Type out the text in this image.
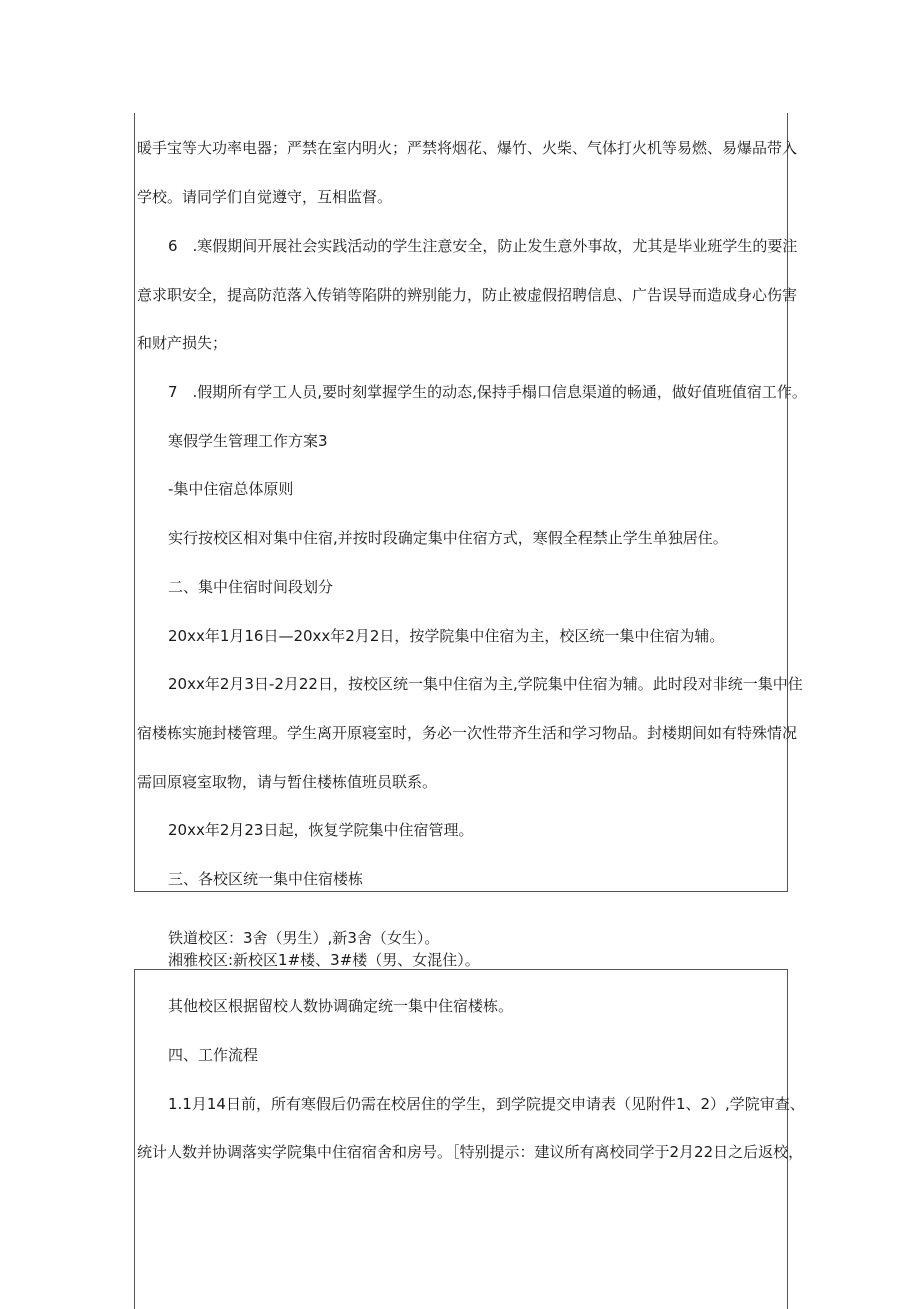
暖手宝等大功率电器；严禁在室内明火；严禁将烟花、爆竹、火柴、气体打火机等易燃、易爆品带入
学校。请同学们自觉遵守，互相监督。
6　.寒假期间开展社会实践活动的学生注意安全，防止发生意外事故，尤其是毕业班学生的要注
意求职安全，提高防范落入传销等陷阱的辨别能力，防止被虚假招聘信息、广告误导而造成身心伤害
和财产损失；
7　.假期所有学工人员,要时刻掌握学生的动态,保持手榻口信息渠道的畅通，做好值班值宿工作。
寒假学生管理工作方案3
-集中住宿总体原则
实行按校区相对集中住宿,并按时段确定集中住宿方式，寒假全程禁止学生单独居住。
二、集中住宿时间段划分
20xx年1月16日—20xx年2月2日，按学院集中住宿为主，校区统一集中住宿为辅。
20xx年2月3日-2月22日，按校区统一集中住宿为主,学院集中住宿为辅。此时段对非统一集中住
宿楼栋实施封楼管理。学生离开原寝室时，务必一次性带齐生活和学习物品。封楼期间如有特殊情况
需回原寝室取物，请与暂住楼栋值班员联系。
20xx年2月23日起，恢复学院集中住宿管理。
三、各校区统一集中住宿楼栋
铁道校区：3舍（男生）,新3舍（女生）。
湘雅校区:新校区1#楼、3#楼（男、女混住）。
其他校区根据留校人数协调确定统一集中住宿楼栋。
四、工作流程
1.1月14日前，所有寒假后仍需在校居住的学生，到学院提交申请表（见附件1、2）,学院审查、
统计人数并协调落实学院集中住宿宿舍和房号。［特别提示：建议所有离校同学于2月22日之后返校，
